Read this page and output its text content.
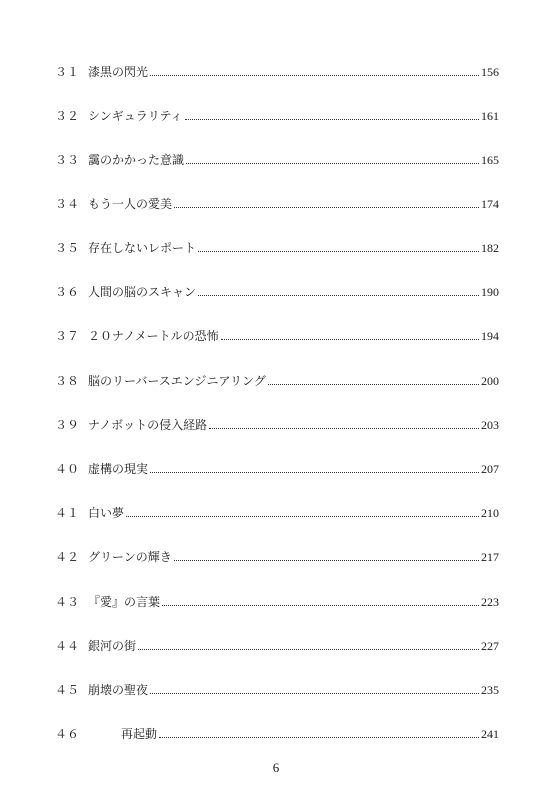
３１ 漆黒の閃光	156
３２ シンギュラリティ	161
３３ 靄のかかった意識	165
３４ もう一人の愛美	174
３５ 存在しないレポート	182
３６ 人間の脳のスキャン	190
３７ ２０ナノメートルの恐怖	194
３８ 脳のリーバースエンジニアリング	200
３９ ナノボットの侵入経路	203
４０ 虚構の現実	207
４１ 白い夢	210
４２ グリーンの輝き	217
４３ 『愛』の言葉	223
４４ 銀河の街	227
４５ 崩壊の聖夜	235
４６	再起動	241
6
